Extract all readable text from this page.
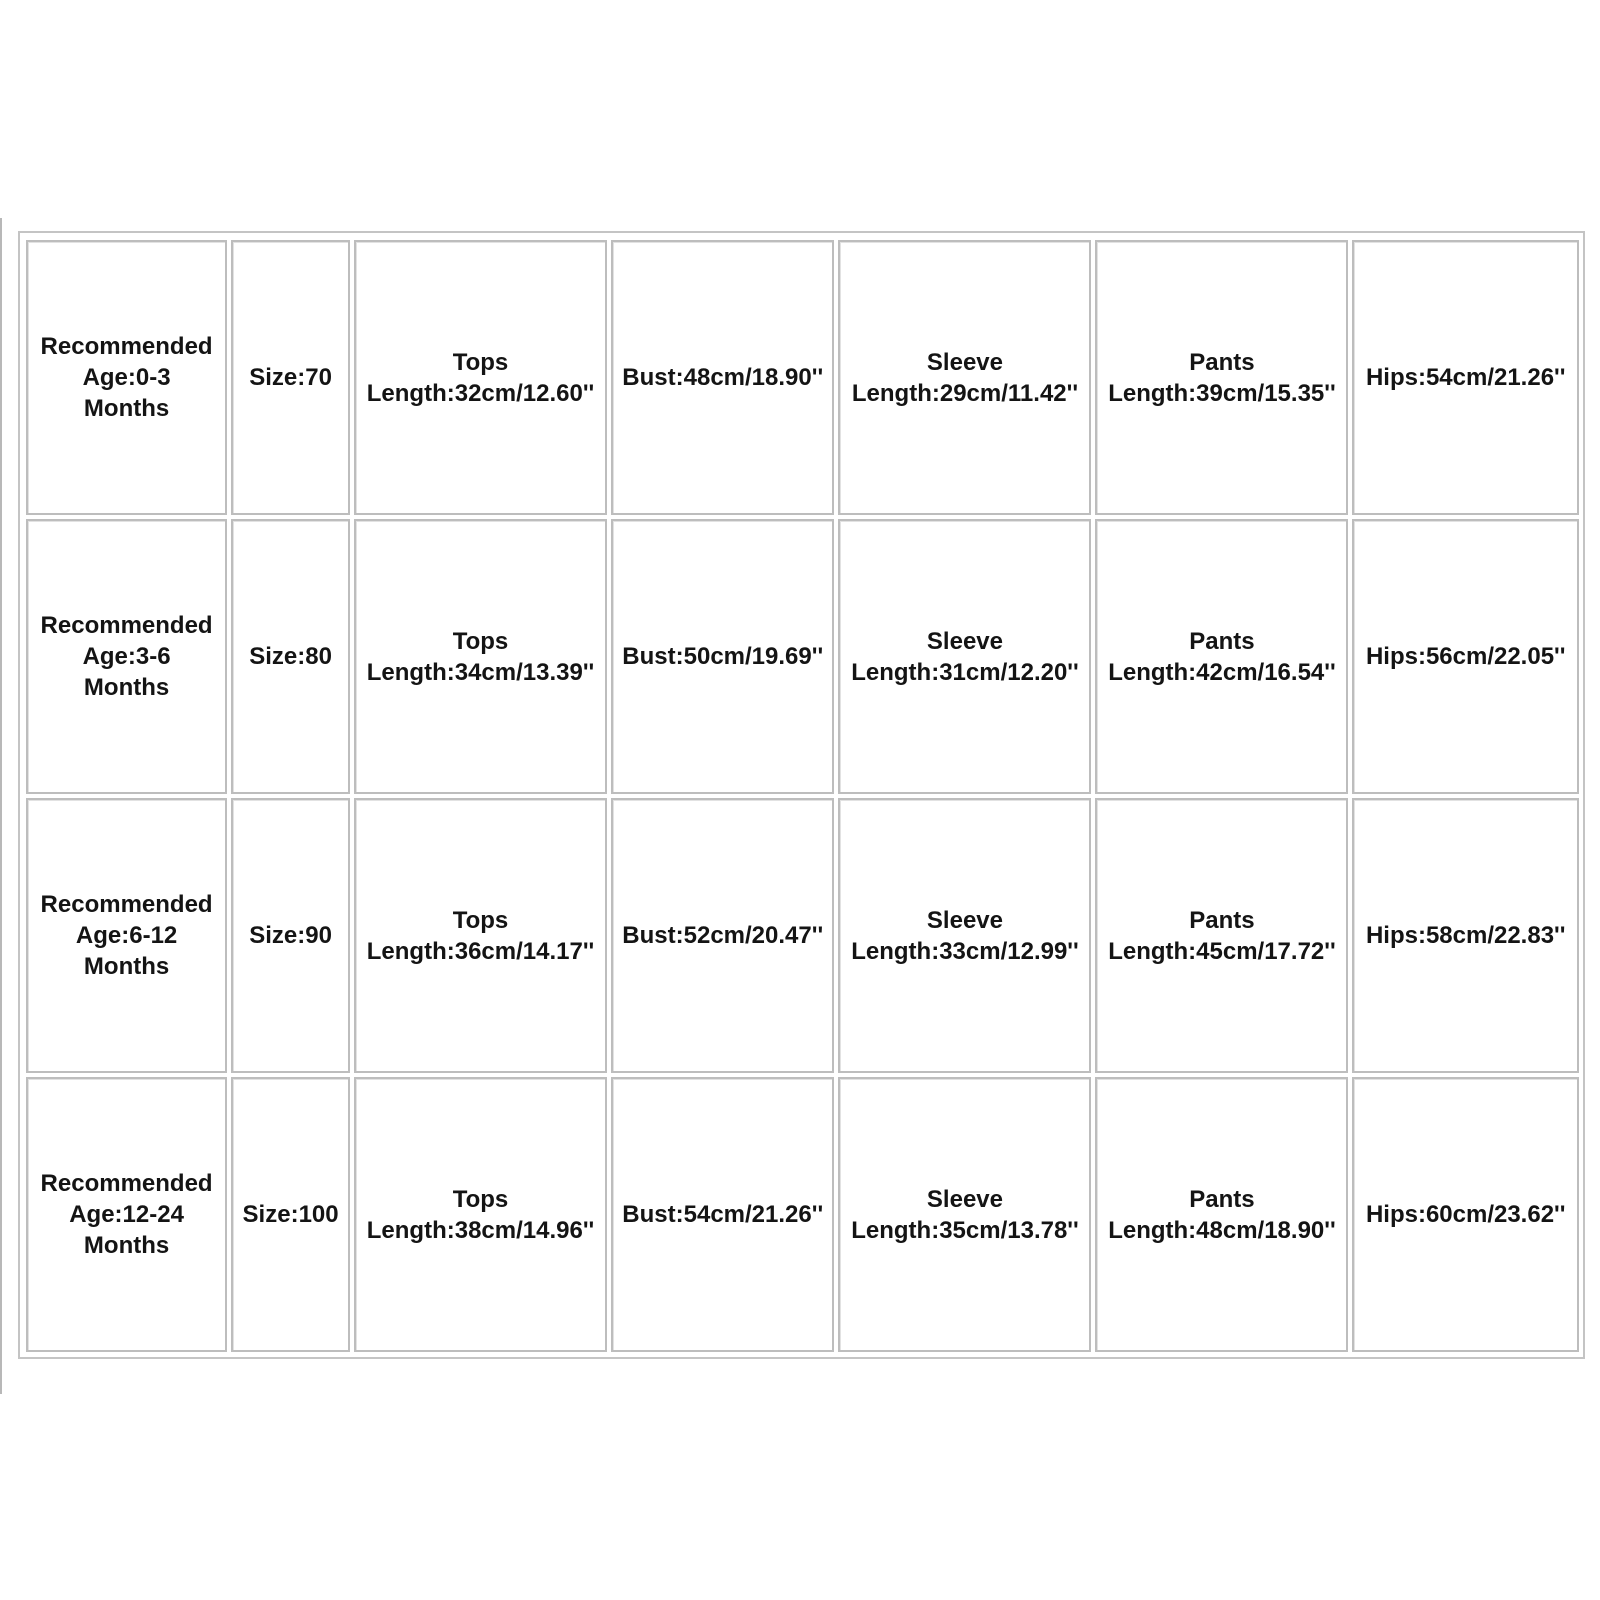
Recommended
Age:0-3
Months	Size:70	Tops
Length:32cm/12.60''	Bust:48cm/18.90''	Sleeve
Length:29cm/11.42''	Pants
Length:39cm/15.35''	Hips:54cm/21.26''

Recommended
Age:3-6
Months	Size:80	Tops
Length:34cm/13.39''	Bust:50cm/19.69''	Sleeve
Length:31cm/12.20''	Pants
Length:42cm/16.54''	Hips:56cm/22.05''

Recommended
Age:6-12
Months	Size:90	Tops
Length:36cm/14.17''	Bust:52cm/20.47''	Sleeve
Length:33cm/12.99''	Pants
Length:45cm/17.72''	Hips:58cm/22.83''

Recommended
Age:12-24
Months	Size:100	Tops
Length:38cm/14.96''	Bust:54cm/21.26''	Sleeve
Length:35cm/13.78''	Pants
Length:48cm/18.90''	Hips:60cm/23.62''
